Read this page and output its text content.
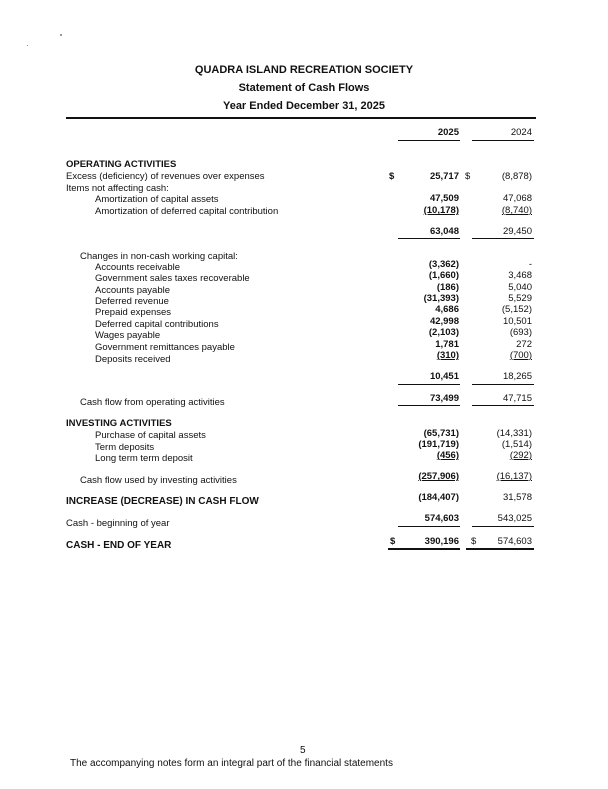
QUADRA ISLAND RECREATION SOCIETY
Statement of Cash Flows
Year Ended December 31, 2025
2025	2024
OPERATING ACTIVITIES
Excess (deficiency) of revenues over expenses	$	25,717 $	(8,878)
Items not affecting cash:
Amortization of capital assets	47,509	47,068
Amortization of deferred capital contribution	(10,178)	(8,740)
63,048	29,450
Changes in non-cash working capital:
Accounts receivable	(3,362)	-
Government sales taxes recoverable	(1,660)	3,468
Accounts payable	(186)	5,040
Deferred revenue	(31,393)	5,529
Prepaid expenses	4,686	(5,152)
Deferred capital contributions	42,998	10,501
Wages payable	(2,103)	(693)
Government remittances payable	1,781	272
Deposits received	(310)	(700)
10,451	18,265
Cash flow from operating activities	73,499	47,715
INVESTING ACTIVITIES
Purchase of capital assets	(65,731)	(14,331)
Term deposits	(191,719)	(1,514)
Long term term deposit	(456)	(292)
Cash flow used by investing activities	(257,906)	(16,137)
INCREASE (DECREASE) IN CASH FLOW	(184,407)	31,578
Cash - beginning of year	574,603	543,025
CASH - END OF YEAR	$	390,196 $ 574,603
5
The accompanying notes form an integral part of the financial statements
